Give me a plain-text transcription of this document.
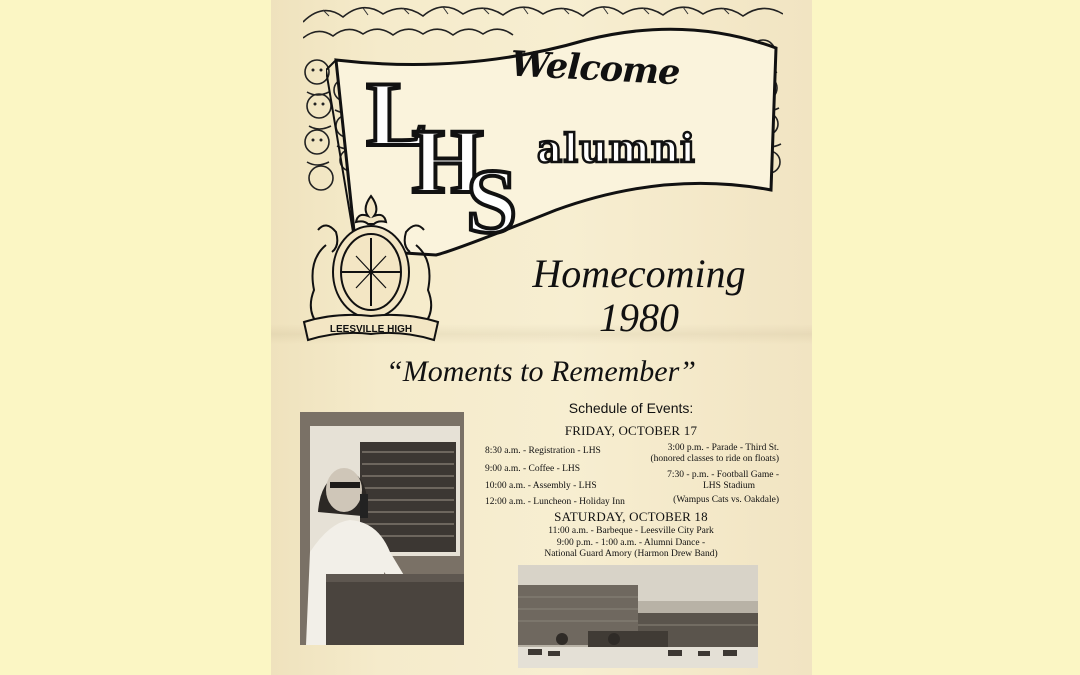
Welcome
L
H
S
alumni
LEESVILLE HIGH
Homecoming
1980
“Moments to Remember”
Schedule of Events:
FRIDAY, OCTOBER 17
8:30 a.m. - Registration - LHS
9:00 a.m. - Coffee - LHS
10:00 a.m. - Assembly - LHS
12:00 a.m. - Luncheon - Holiday Inn
3:00 p.m. - Parade - Third St.
(honored classes to ride on floats)
7:30 - p.m. - Football Game -
LHS Stadium
(Wampus Cats vs. Oakdale)
SATURDAY, OCTOBER 18
11:00 a.m. - Barbeque - Leesville City Park
9:00 p.m. - 1:00 a.m. - Alumni Dance -
National Guard Amory (Harmon Drew Band)
